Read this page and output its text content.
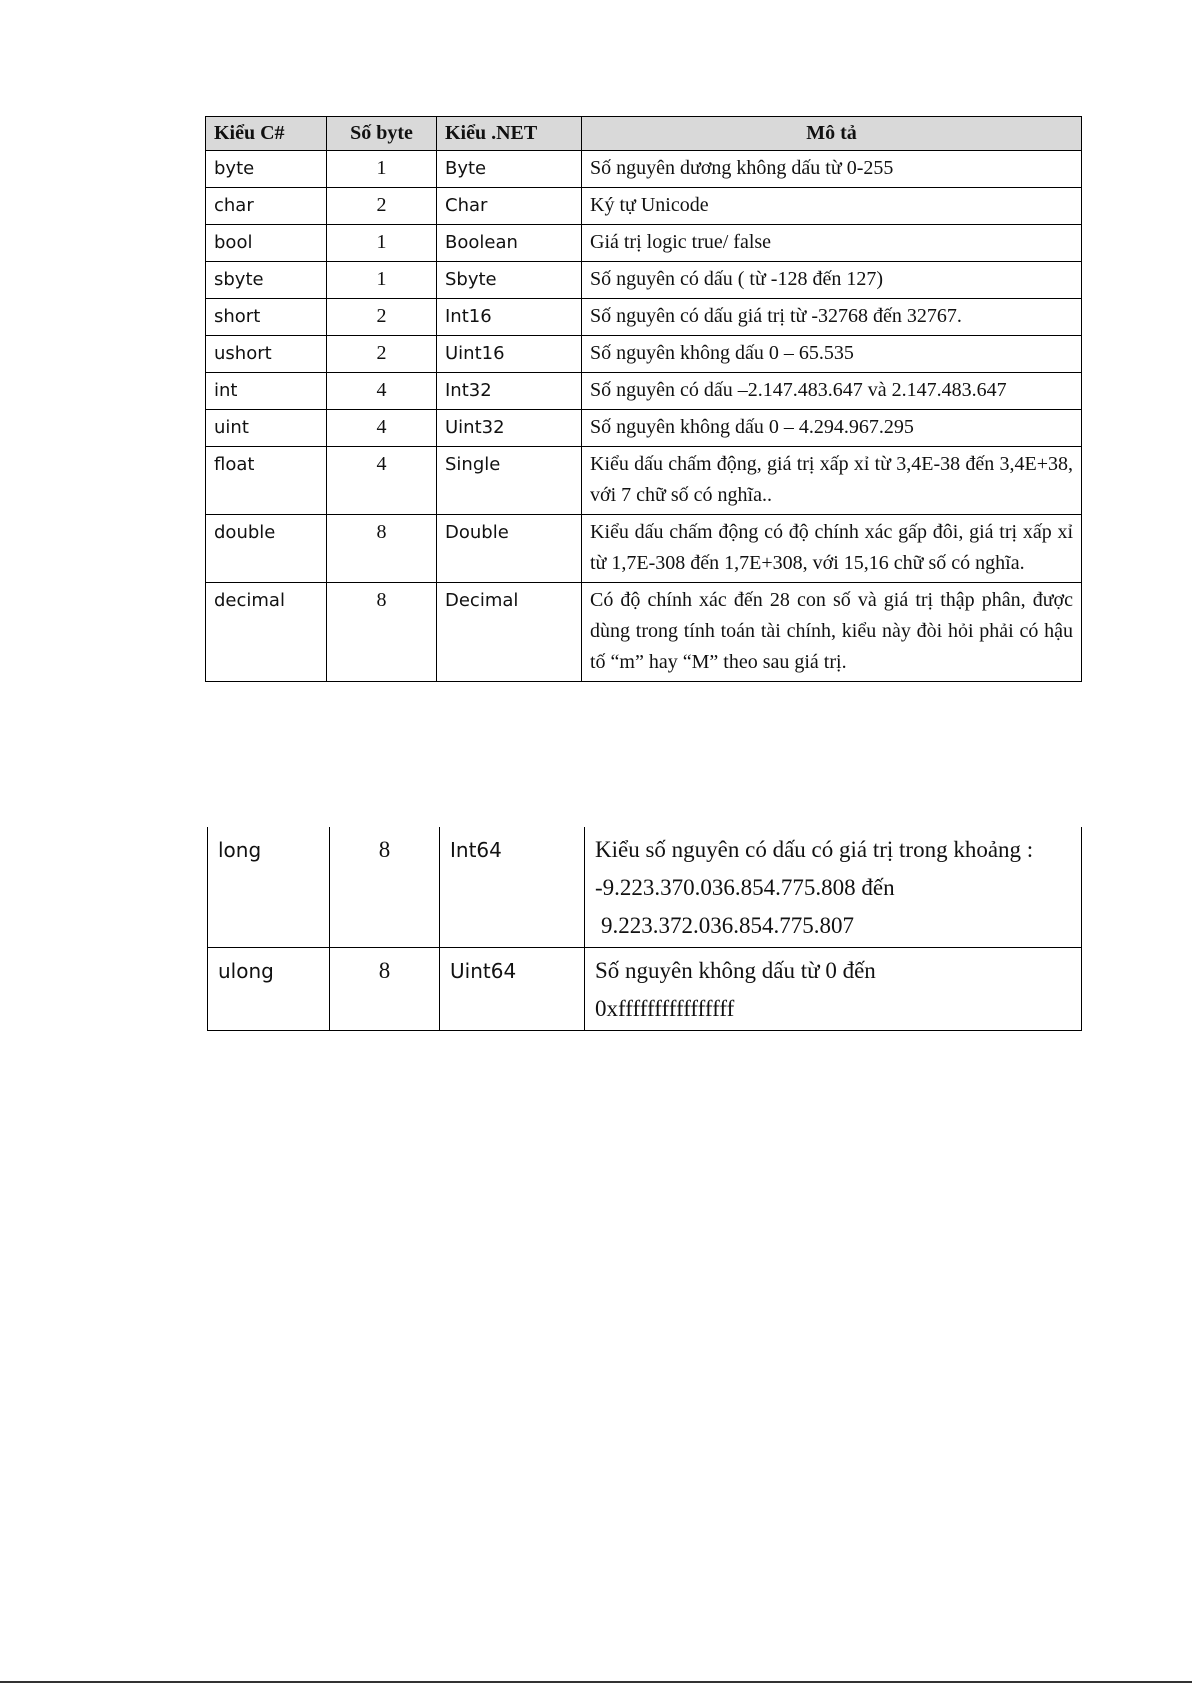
Kiểu C#	Số byte	Kiểu .NET	Mô tả
byte	1	Byte	Số nguyên dương không dấu từ 0-255
char	2	Char	Ký tự Unicode
bool	1	Boolean	Giá trị logic true/ false
sbyte	1	Sbyte	Số nguyên có dấu ( từ -128 đến 127)
short	2	Int16	Số nguyên có dấu giá trị từ -32768 đến 32767.
ushort	2	Uint16	Số nguyên không dấu 0 – 65.535
int	4	Int32	Số nguyên có dấu –2.147.483.647 và 2.147.483.647
uint	4	Uint32	Số nguyên không dấu 0 – 4.294.967.295
float	4	Single	Kiểu dấu chấm động, giá trị xấp xỉ từ 3,4E-38 đến 3,4E+38, với 7 chữ số có nghĩa..
double	8	Double	Kiểu dấu chấm động có độ chính xác gấp đôi, giá trị xấp xỉ từ 1,7E-308 đến 1,7E+308, với 15,16 chữ số có nghĩa.
decimal	8	Decimal	Có độ chính xác đến 28 con số và giá trị thập phân, được dùng trong tính toán tài chính, kiểu này đòi hỏi phải có hậu tố “m” hay “M” theo sau giá trị.
long	8	Int64	Kiểu số nguyên có dấu có giá trị trong khoảng :
-9.223.370.036.854.775.808 đến
9.223.372.036.854.775.807

ulong	8	Uint64	Số nguyên không dấu từ 0 đến
0xffffffffffffffff
